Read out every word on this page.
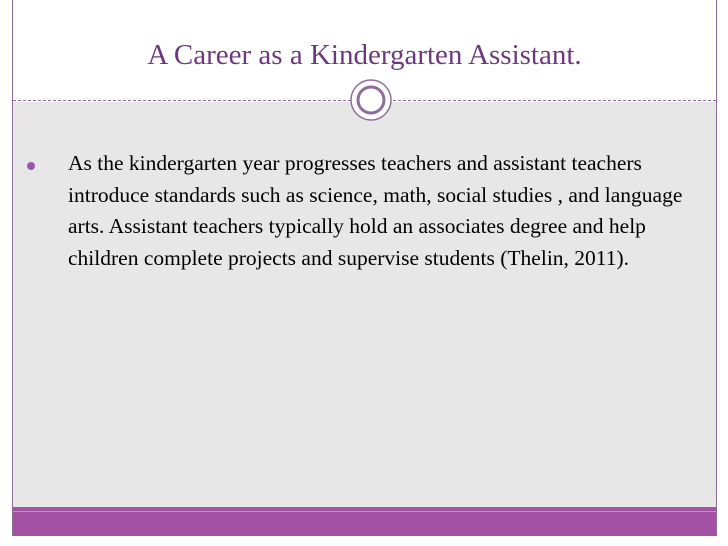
A Career as a Kindergarten Assistant.
As the kindergarten year progresses teachers and assistant teachers introduce standards such as science, math, social studies , and language arts. Assistant teachers typically hold an associates degree and help children complete projects and supervise students (Thelin, 2011).
